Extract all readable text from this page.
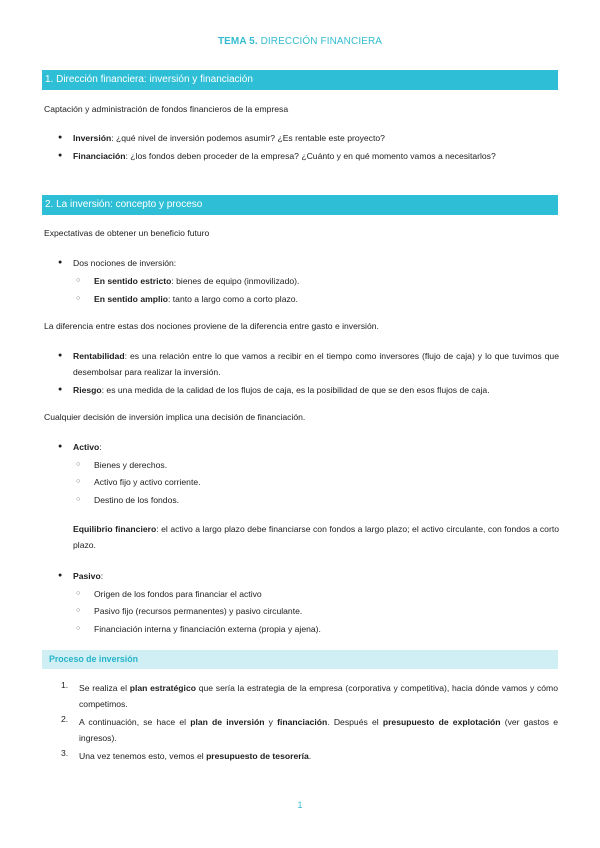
TEMA 5. DIRECCIÓN FINANCIERA
1. Dirección financiera: inversión y financiación
Captación y administración de fondos financieros de la empresa
● Inversión: ¿qué nivel de inversión podemos asumir? ¿Es rentable este proyecto?
● Financiación: ¿los fondos deben proceder de la empresa? ¿Cuánto y en qué momento vamos a necesitarlos?
2. La inversión: concepto y proceso
Expectativas de obtener un beneficio futuro
● Dos nociones de inversión:
○ En sentido estricto: bienes de equipo (inmovilizado).
○ En sentido amplio: tanto a largo como a corto plazo.
La diferencia entre estas dos nociones proviene de la diferencia entre gasto e inversión.
● Rentabilidad: es una relación entre lo que vamos a recibir en el tiempo como inversores (flujo de caja) y lo que tuvimos que desembolsar para realizar la inversión.
● Riesgo: es una medida de la calidad de los flujos de caja, es la posibilidad de que se den esos flujos de caja.
Cualquier decisión de inversión implica una decisión de financiación.
● Activo:
○ Bienes y derechos.
○ Activo fijo y activo corriente.
○ Destino de los fondos.
Equilibrio financiero: el activo a largo plazo debe financiarse con fondos a largo plazo; el activo circulante, con fondos a corto plazo.
● Pasivo:
○ Origen de los fondos para financiar el activo
○ Pasivo fijo (recursos permanentes) y pasivo circulante.
○ Financiación interna y financiación externa (propia y ajena).
Proceso de inversión
1. Se realiza el plan estratégico que sería la estrategia de la empresa (corporativa y competitiva), hacia dónde vamos y cómo competimos.
2. A continuación, se hace el plan de inversión y financiación. Después el presupuesto de explotación (ver gastos e ingresos).
3. Una vez tenemos esto, vemos el presupuesto de tesorería.
1
